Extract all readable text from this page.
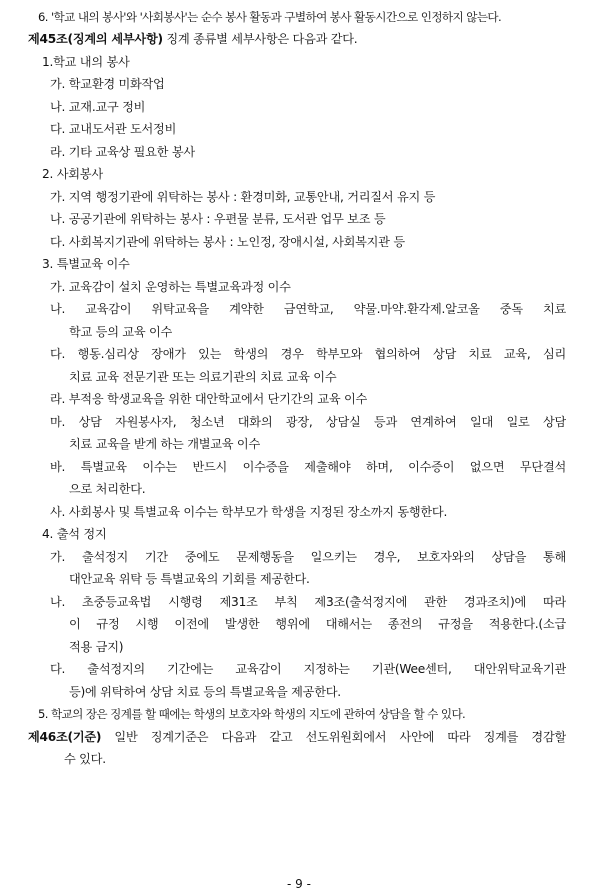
6. '학교 내의 봉사'와 '사회봉사'는 순수 봉사 활동과 구별하여 봉사 활동시간으로 인정하지 않는다.
제45조(징계의 세부사항) 징계 종류별 세부사항은 다음과 같다.
1.학교 내의 봉사
가. 학교환경 미화작업
나. 교재.교구 정비
다. 교내도서관 도서정비
라. 기타 교육상 필요한 봉사
2. 사회봉사
가. 지역 행정기관에 위탁하는 봉사 : 환경미화, 교통안내, 거리질서 유지 등
나. 공공기관에 위탁하는 봉사 : 우편물 분류, 도서관 업무 보조 등
다. 사회복지기관에 위탁하는 봉사 : 노인정, 장애시설, 사회복지관 등
3. 특별교육 이수
가. 교육감이 설치 운영하는 특별교육과정 이수
나. 교육감이 위탁교육을 계약한 금연학교, 약물.마약.환각제.알코올 중독 치료
학교 등의 교육 이수
다. 행동.심리상 장애가 있는 학생의 경우 학부모와 협의하여 상담 치료 교육, 심리
치료 교육 전문기관 또는 의료기관의 치료 교육 이수
라. 부적응 학생교육을 위한 대안학교에서 단기간의 교육 이수
마. 상담 자원봉사자, 청소년 대화의 광장, 상담실 등과 연계하여 일대 일로 상담
치료 교육을 받게 하는 개별교육 이수
바. 특별교육 이수는 반드시 이수증을 제출해야 하며, 이수증이 없으면 무단결석
으로 처리한다.
사. 사회봉사 및 특별교육 이수는 학부모가 학생을 지정된 장소까지 동행한다.
4. 출석 정지
가. 출석정지 기간 중에도 문제행동을 일으키는 경우, 보호자와의 상담을 통해
대안교육 위탁 등 특별교육의 기회를 제공한다.
나. 초중등교육법 시행령 제31조 부칙 제3조(출석정지에 관한 경과조치)에 따라
이 규정 시행 이전에 발생한 행위에 대해서는 종전의 규정을 적용한다.(소급
적용 금지)
다. 출석정지의 기간에는 교육감이 지정하는 기관(Wee센터, 대안위탁교육기관
등)에 위탁하여 상담 치료 등의 특별교육을 제공한다.
5. 학교의 장은 징계를 할 때에는 학생의 보호자와 학생의 지도에 관하여 상담을 할 수 있다.
제46조(기준) 일반 징계기준은 다음과 같고 선도위원회에서 사안에 따라 징계를 경감할
수 있다.
- 9 -
